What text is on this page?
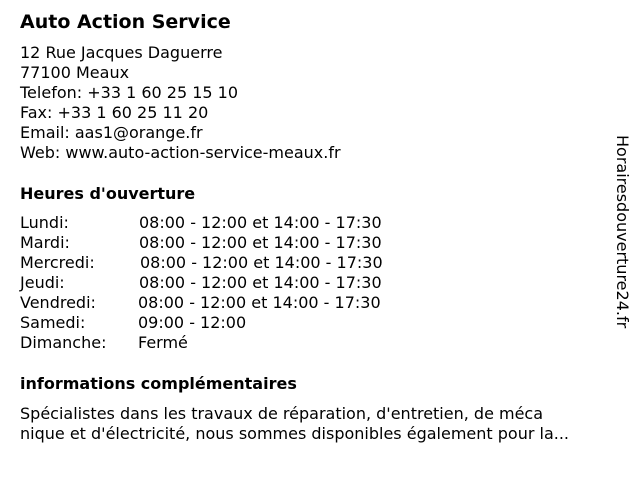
Auto Action Service
12 Rue Jacques Daguerre
77100 Meaux
Telefon: +33 1 60 25 15 10
Fax: +33 1 60 25 11 20
Email: aas1@orange.fr
Web: www.auto-action-service-meaux.fr
Heures d'ouverture
Lundi:	08:00 - 12:00 et 14:00 - 17:30
Mardi:	08:00 - 12:00 et 14:00 - 17:30
Mercredi:	08:00 - 12:00 et 14:00 - 17:30
Jeudi:	08:00 - 12:00 et 14:00 - 17:30
Vendredi:	08:00 - 12:00 et 14:00 - 17:30
Samedi:	09:00 - 12:00
Dimanche: Fermé
informations complémentaires
Spécialistes dans les travaux de réparation, d'entretien, de méca
nique et d'électricité, nous sommes disponibles également pour la...
Horairesdouverture24.fr
